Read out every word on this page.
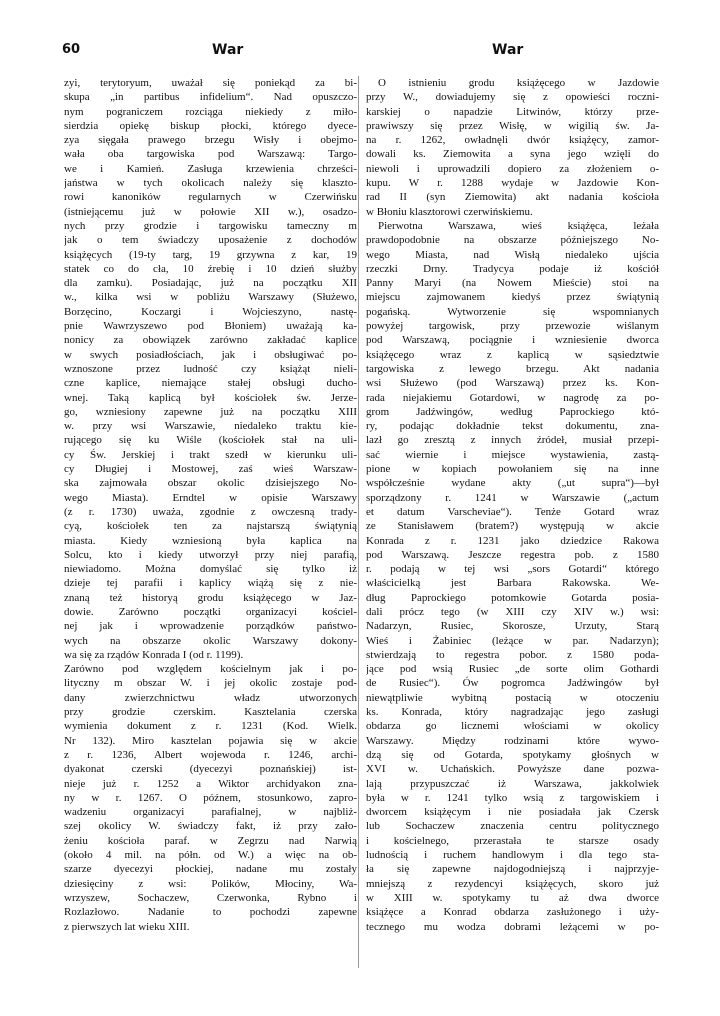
60	War	War
zyi, terytoryum, uważał się poniekąd za bi-
skupa „in partibus infidelium“. Nad opuszczo-
nym pograniczem rozciąga niekiedy z miło-
sierdzia opiekę biskup płocki, którego dyece-
zya sięgała prawego brzegu Wisły i obejmo-
wała oba targowiska pod Warszawą: Targo-
we i Kamień. Zasługa krzewienia chrześci-
jaństwa w tych okolicach należy się klaszto-
rowi kanoników regularnych w Czerwińsku
(istniejącemu już w połowie XII w.), osadzo-
nych przy grodzie i targowisku tameczny m
jak o tem świadczy uposażenie z dochodów
książęcych (19-ty targ, 19 grzywna z kar, 19
statek co do cła, 10 źrebię i 10 dzień służby
dla zamku). Posiadając, już na początku XII
w., kilka wsi w pobliżu Warszawy (Służewo,
Borzęcino, Koczargi i Wojcieszyno, nastę-
pnie Wawrzyszewo pod Błoniem) uważają ka-
nonicy za obowiązek zarówno zakładać kaplice
w swych posiadłościach, jak i obsługiwać po-
wznoszone przez ludność czy książąt nieli-
czne kaplice, niemające stałej obsługi ducho-
wnej. Taką kaplicą był kościołek św. Jerze-
go, wzniesiony zapewne już na początku XIII
w. przy wsi Warszawie, niedaleko traktu kie-
rującego się ku Wiśle (kościołek stał na uli-
cy Św. Jerskiej i trakt szedł w kierunku uli-
cy Długiej i Mostowej, zaś wieś Warszaw-
ska zajmowała obszar okolic dzisiejszego No-
wego Miasta). Erndtel w opisie Warszawy
(z r. 1730) uważa, zgodnie z owczesną trady-
cyą, kościołek ten za najstarszą świątynią
miasta. Kiedy wzniesioną była kaplica na
Solcu, kto i kiedy utworzył przy niej parafią,
niewiadomo. Można domyślać się tylko iż
dzieje tej parafii i kaplicy wiążą się z nie-
znaną też historyą grodu książęcego w Jaz-
dowie. Zarówno początki organizacyi kościel-
nej jak i wprowadzenie porządków państwo-
wych na obszarze okolic Warszawy dokony-
wa się za rządów Konrada I (od r. 1199).
Zarówno pod względem kościelnym jak i po-
lityczny m obszar W. i jej okolic zostaje pod-
dany zwierzchnictwu władz utworzonych
przy grodzie czerskim. Kasztelania czerska
wymienia dokument z r. 1231 (Kod. Wielk.
Nr 132). Miro kasztelan pojawia się w akcie
z r. 1236, Albert wojewoda r. 1246, archi-
dyakonat czerski (dyecezyi poznańskiej) ist-
nieje już r. 1252 a Wiktor archidyakon zna-
ny w r. 1267. O późnem, stosunkowo, zapro-
wadzeniu organizacyi parafialnej, w najbliż-
szej okolicy W. świadczy fakt, iż przy zało-
żeniu kościoła paraf. w Zegrzu nad Narwią
(około 4 mil. na półn. od W.) a więc na ob-
szarze dyecezyi płockiej, nadane mu zostały
dziesięciny z wsi: Polików, Młociny, Wa-
wrzyszew, Sochaczew, Czerwonka, Rybno i
Rozlazłowo. Nadanie to pochodzi zapewne
z pierwszych lat wieku XIII.
O istnieniu grodu książęcego w Jazdowie
przy W., dowiadujemy się z opowieści roczni-
karskiej o napadzie Litwinów, którzy prze-
prawiwszy się przez Wisłę, w wigilią św. Ja-
na r. 1262, owładnęli dwór książęcy, zamor-
dowali ks. Ziemowita a syna jego wzięli do
niewoli i uprowadzili dopiero za złożeniem o-
kupu. W r. 1288 wydaje w Jazdowie Kon-
rad II (syn Ziemowita) akt nadania kościoła
w Błoniu klasztorowi czerwińskiemu.
Pierwotna Warszawa, wieś książęca, leżała
prawdopodobnie na obszarze późniejszego No-
wego Miasta, nad Wisłą niedaleko ujścia
rzeczki Drny. Tradycya podaje iż kościół
Panny Maryi (na Nowem Mieście) stoi na
miejscu zajmowanem kiedyś przez świątynią
pogańską. Wytworzenie się wspomnianych
powyżej targowisk, przy przewozie wiślanym
pod Warszawą, pociągnie i wzniesienie dworca
książęcego wraz z kaplicą w sąsiedztwie
targowiska z lewego brzegu. Akt nadania
wsi Służewo (pod Warszawą) przez ks. Kon-
rada niejakiemu Gotardowi, w nagrodę za po-
grom Jadźwingów, według Paprockiego któ-
ry, podając dokładnie tekst dokumentu, zna-
lazł go zresztą z innych źródeł, musiał przepi-
sać wiernie i miejsce wystawienia, zastą-
pione w kopiach powołaniem się na inne
współcześnie wydane akty („ut supra“)—był
sporządzony r. 1241 w Warszawie („actum
et datum Varscheviae“). Tenże Gotard wraz
ze Stanisławem (bratem?) występują w akcie
Konrada z r. 1231 jako dziedzice Rakowa
pod Warszawą. Jeszcze regestra pob. z 1580
r. podają w tej wsi „sors Gotardi“ którego
właścicielką jest Barbara Rakowska. We-
dług Paprockiego potomkowie Gotarda posia-
dali prócz tego (w XIII czy XIV w.) wsi:
Nadarzyn, Rusiec, Skorosze, Urzuty, Starą
Wieś i Żabiniec (leżące w par. Nadarzyn);
stwierdzają to regestra pobor. z 1580 poda-
jące pod wsią Rusiec „de sorte olim Gothardi
de Rusiec“). Ów pogromca Jadźwingów był
niewątpliwie wybitną postacią w otoczeniu
ks. Konrada, który nagradzając jego zasługi
obdarza go licznemi włościami w okolicy
Warszawy. Między rodzinami które wywo-
dzą się od Gotarda, spotykamy głośnych w
XVI w. Uchańskich. Powyższe dane pozwa-
lają przypuszczać iż Warszawa, jakkolwiek
była w r. 1241 tylko wsią z targowiskiem i
dworcem książęcym i nie posiadała jak Czersk
lub Sochaczew znaczenia centru politycznego
i kościelnego, przerastała te starsze osady
ludnością i ruchem handlowym i dla tego sta-
ła się zapewne najdogodniejszą i najprzyje-
mniejszą z rezydencyi książęcych, skoro już
w XIII w. spotykamy tu aż dwa dworce
książęce a Konrad obdarza zasłużonego i uży-
tecznego mu wodza dobrami leżącemi w po-
